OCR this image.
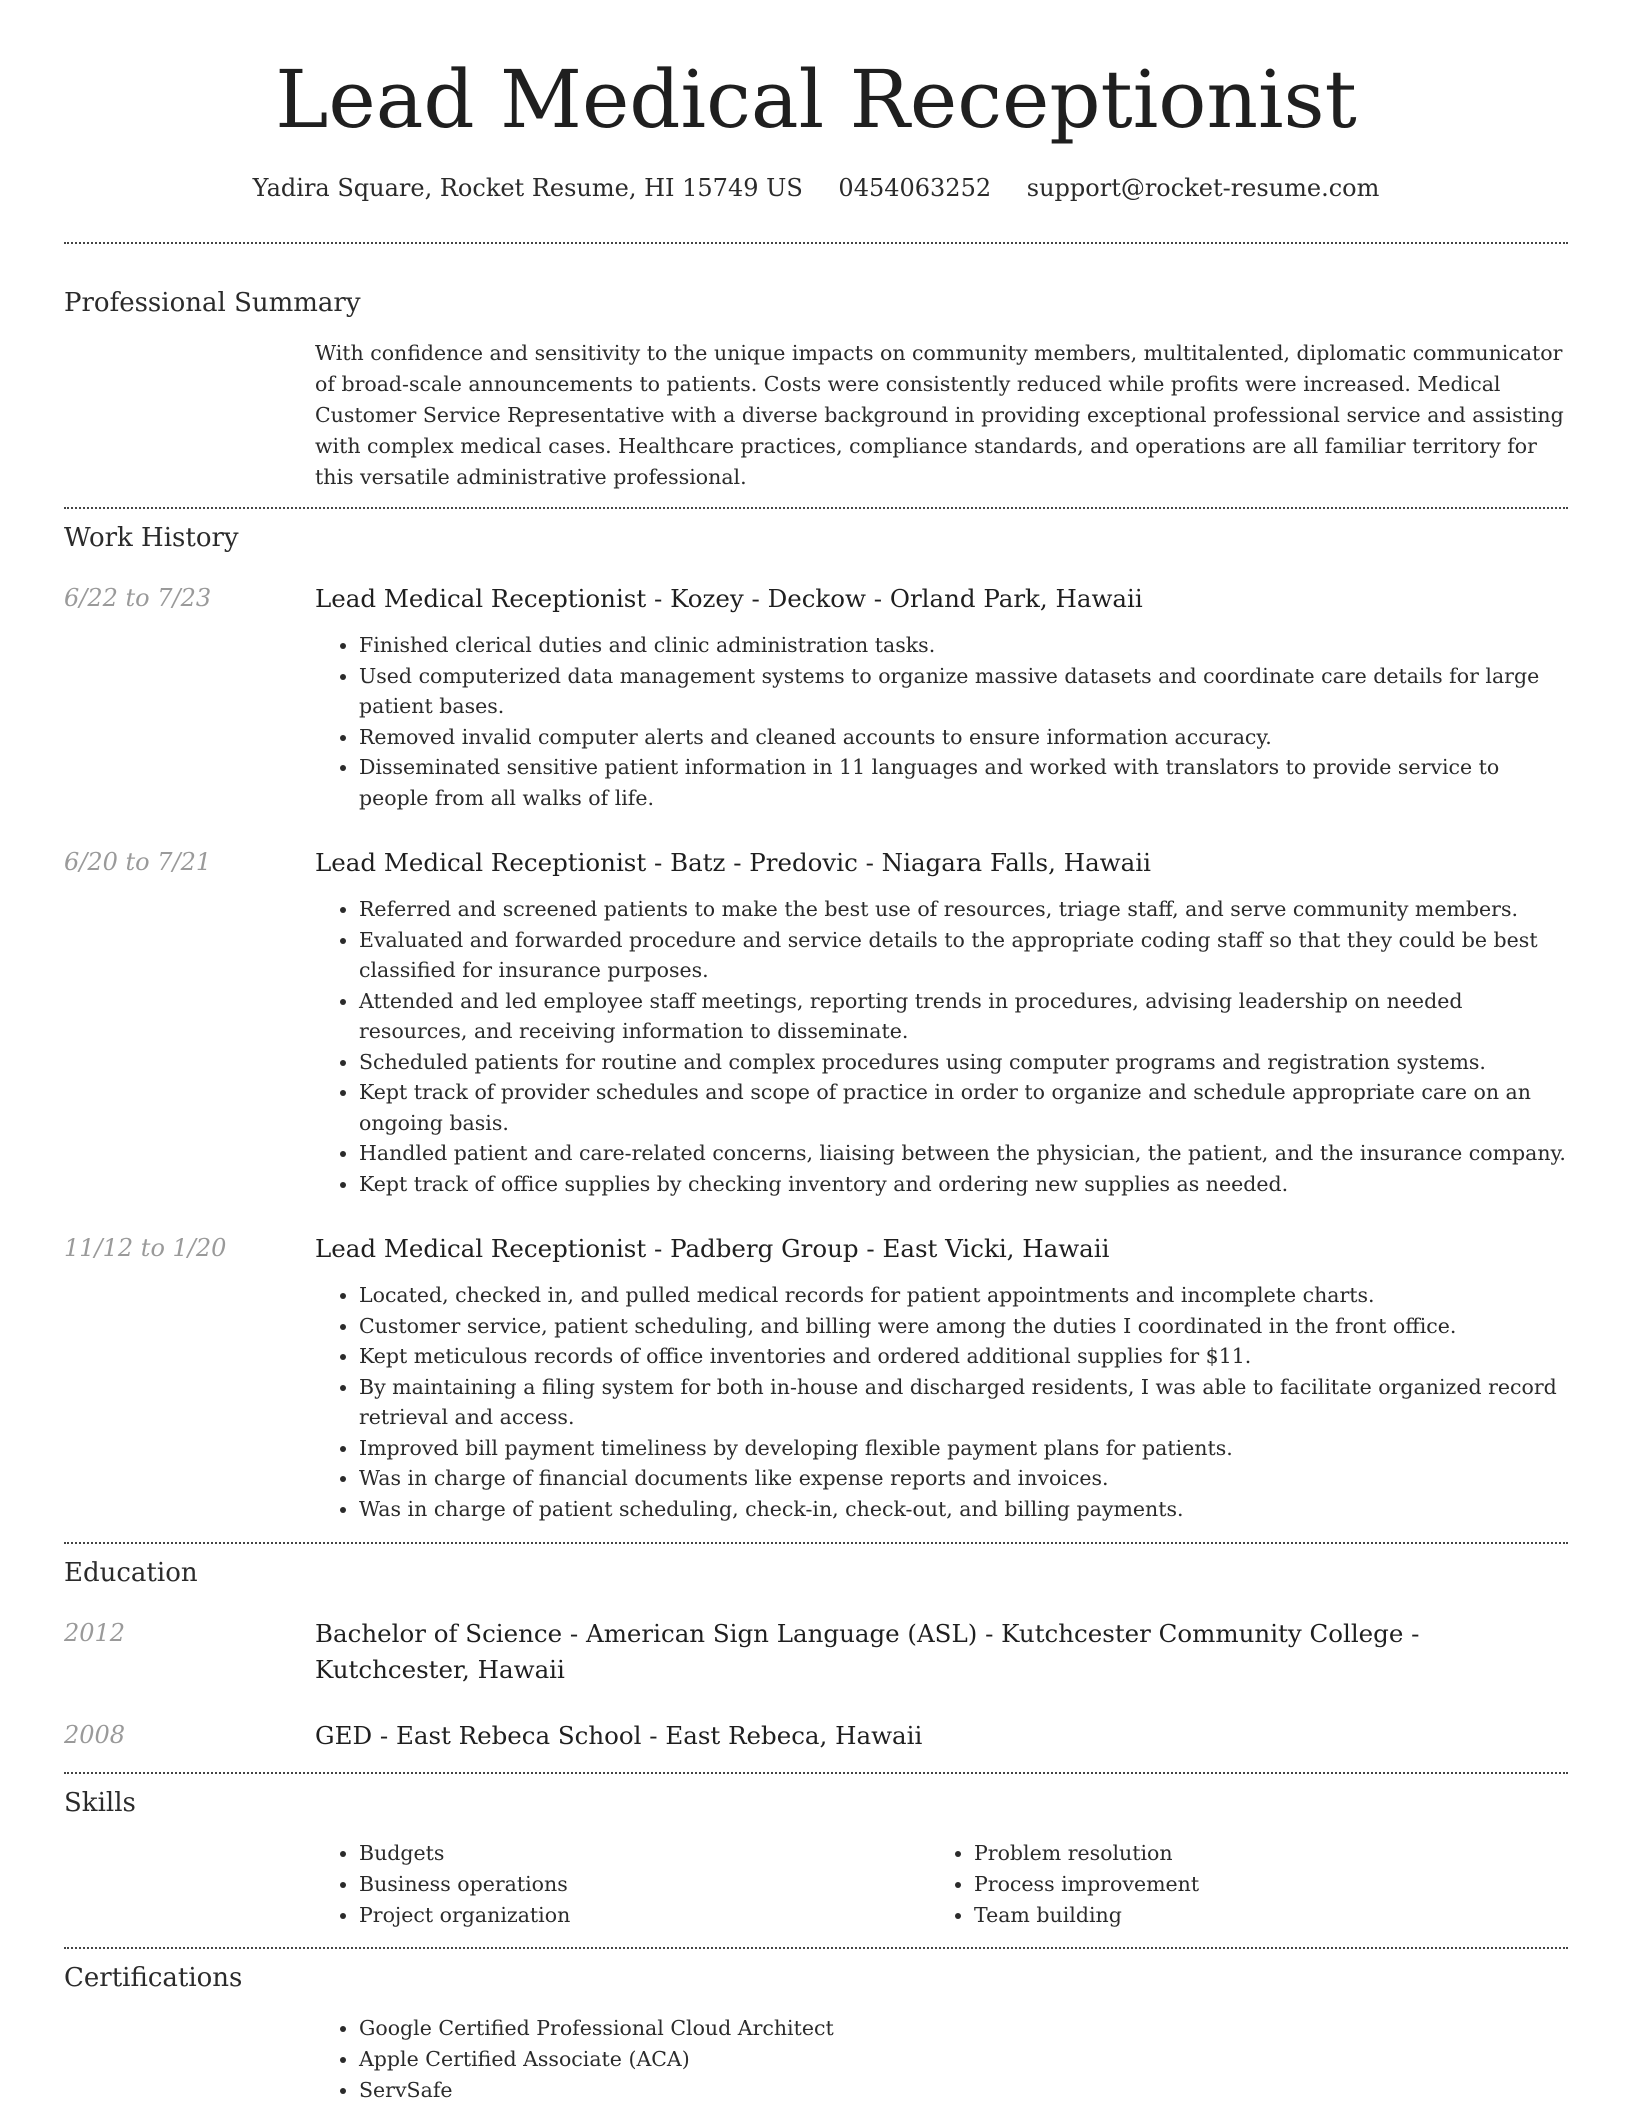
Lead Medical Receptionist
Yadira Square, Rocket Resume, HI 15749 US 0454063252 support@rocket-resume.com
Professional Summary
With confidence and sensitivity to the unique impacts on community members, multitalented, diplomatic communicator of broad-scale announcements to patients. Costs were consistently reduced while profits were increased. Medical Customer Service Representative with a diverse background in providing exceptional professional service and assisting with complex medical cases. Healthcare practices, compliance standards, and operations are all familiar territory for this versatile administrative professional.
Work History
6/22 to 7/23	Lead Medical Receptionist - Kozey - Deckow - Orland Park, Hawaii
• Finished clerical duties and clinic administration tasks.
• Used computerized data management systems to organize massive datasets and coordinate care details for large patient bases.
• Removed invalid computer alerts and cleaned accounts to ensure information accuracy.
• Disseminated sensitive patient information in 11 languages and worked with translators to provide service to people from all walks of life.
6/20 to 7/21	Lead Medical Receptionist - Batz - Predovic - Niagara Falls, Hawaii
• Referred and screened patients to make the best use of resources, triage staff, and serve community members.
• Evaluated and forwarded procedure and service details to the appropriate coding staff so that they could be best classified for insurance purposes.
• Attended and led employee staff meetings, reporting trends in procedures, advising leadership on needed resources, and receiving information to disseminate.
• Scheduled patients for routine and complex procedures using computer programs and registration systems.
• Kept track of provider schedules and scope of practice in order to organize and schedule appropriate care on an ongoing basis.
• Handled patient and care-related concerns, liaising between the physician, the patient, and the insurance company.
• Kept track of office supplies by checking inventory and ordering new supplies as needed.
11/12 to 1/20	Lead Medical Receptionist - Padberg Group - East Vicki, Hawaii
• Located, checked in, and pulled medical records for patient appointments and incomplete charts.
• Customer service, patient scheduling, and billing were among the duties I coordinated in the front office.
• Kept meticulous records of office inventories and ordered additional supplies for $11.
• By maintaining a filing system for both in-house and discharged residents, I was able to facilitate organized record retrieval and access.
• Improved bill payment timeliness by developing flexible payment plans for patients.
• Was in charge of financial documents like expense reports and invoices.
• Was in charge of patient scheduling, check-in, check-out, and billing payments.
Education
2012	Bachelor of Science - American Sign Language (ASL) - Kutchcester Community College - Kutchcester, Hawaii
2008	GED - East Rebeca School - East Rebeca, Hawaii
Skills
• Budgets
• Business operations
• Project organization
• Problem resolution
• Process improvement
• Team building
Certifications
• Google Certified Professional Cloud Architect
• Apple Certified Associate (ACA)
• ServSafe
